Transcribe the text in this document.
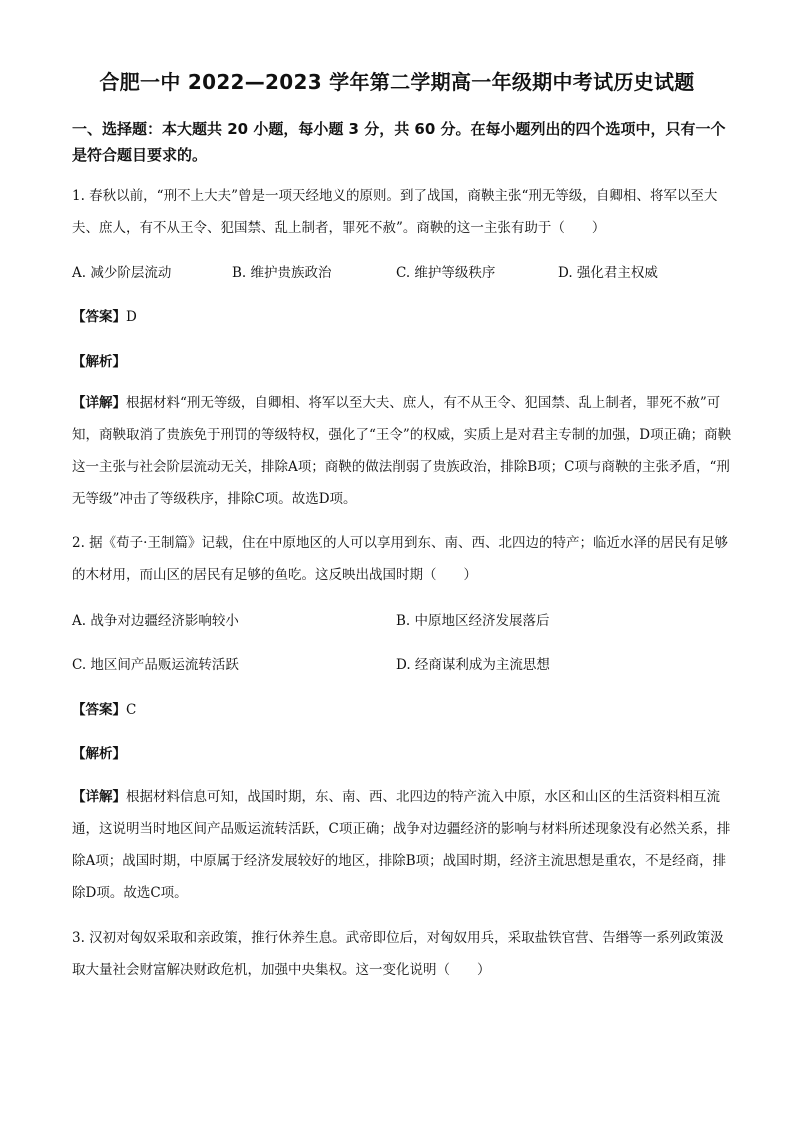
合肥一中 2022—2023 学年第二学期高一年级期中考试历史试题
一、选择题：本大题共 20 小题，每小题 3 分，共 60 分。在每小题列出的四个选项中，只有一个是符合题目要求的。
1. 春秋以前，“刑不上大夫”曾是一项天经地义的原则。到了战国，商鞅主张“刑无等级，自卿相、将军以至大夫、庶人，有不从王令、犯国禁、乱上制者，罪死不赦”。商鞅的这一主张有助于（　　）
A. 减少阶层流动	B. 维护贵族政治	C. 维护等级秩序	D. 强化君主权威
【答案】D
【解析】
【详解】根据材料“刑无等级，自卿相、将军以至大夫、庶人，有不从王令、犯国禁、乱上制者，罪死不赦”可知，商鞅取消了贵族免于刑罚的等级特权，强化了“王令”的权威，实质上是对君主专制的加强，D项正确；商鞅这一主张与社会阶层流动无关，排除A项；商鞅的做法削弱了贵族政治，排除B项；C项与商鞅的主张矛盾，“刑无等级”冲击了等级秩序，排除C项。故选D项。
2. 据《荀子·王制篇》记载，住在中原地区的人可以享用到东、南、西、北四边的特产；临近水泽的居民有足够的木材用，而山区的居民有足够的鱼吃。这反映出战国时期（　　）
A. 战争对边疆经济影响较小	B. 中原地区经济发展落后
C. 地区间产品贩运流转活跃	D. 经商谋利成为主流思想
【答案】C
【解析】
【详解】根据材料信息可知，战国时期，东、南、西、北四边的特产流入中原，水区和山区的生活资料相互流通，这说明当时地区间产品贩运流转活跃，C项正确；战争对边疆经济的影响与材料所述现象没有必然关系，排除A项；战国时期，中原属于经济发展较好的地区，排除B项；战国时期，经济主流思想是重农，不是经商，排除D项。故选C项。
3. 汉初对匈奴采取和亲政策，推行休养生息。武帝即位后，对匈奴用兵，采取盐铁官营、告缗等一系列政策汲取大量社会财富解决财政危机，加强中央集权。这一变化说明（　　）
